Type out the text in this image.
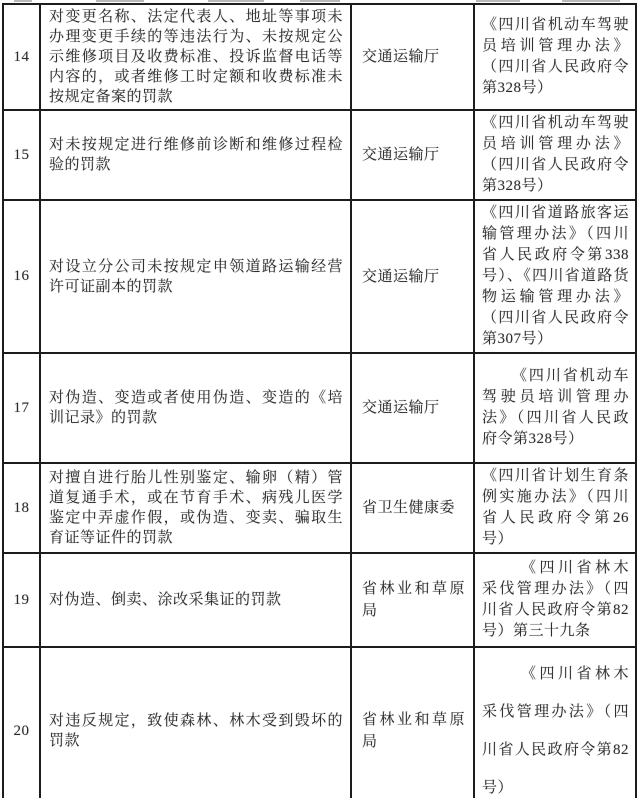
14	对变更名称、法定代表人、地址等事项未办理变更手续的等违法行为、未按规定公示维修项目及收费标准、投诉监督电话等内容的，或者维修工时定额和收费标准未按规定备案的罚款	交通运输厅	《四川省机动车驾驶员培训管理办法》（四川省人民政府令第328号）
15	对未按规定进行维修前诊断和维修过程检验的罚款	交通运输厅	《四川省机动车驾驶员培训管理办法》（四川省人民政府令第328号）
16	对设立分公司未按规定申领道路运输经营许可证副本的罚款	交通运输厅	《四川省道路旅客运输管理办法》（四川省人民政府令第338号）、《四川省道路货物运输管理办法》（四川省人民政府令第307号）
17	对伪造、变造或者使用伪造、变造的《培训记录》的罚款	交通运输厅	《四川省机动车驾驶员培训管理办法》（四川省人民政府令第328号）
18	对擅自进行胎儿性别鉴定、输卵（精）管道复通手术，或在节育手术、病残儿医学鉴定中弄虚作假，或伪造、变卖、骗取生育证等证件的罚款	省卫生健康委	《四川省计划生育条例实施办法》（四川省人民政府令第26号）
19	对伪造、倒卖、涂改采集证的罚款	省林业和草原局	《四川省林木采伐管理办法》（四川省人民政府令第82号）第三十九条
20	对违反规定，致使森林、林木受到毁坏的罚款	省林业和草原局	《四川省林木采伐管理办法》（四川省人民政府令第82号）
